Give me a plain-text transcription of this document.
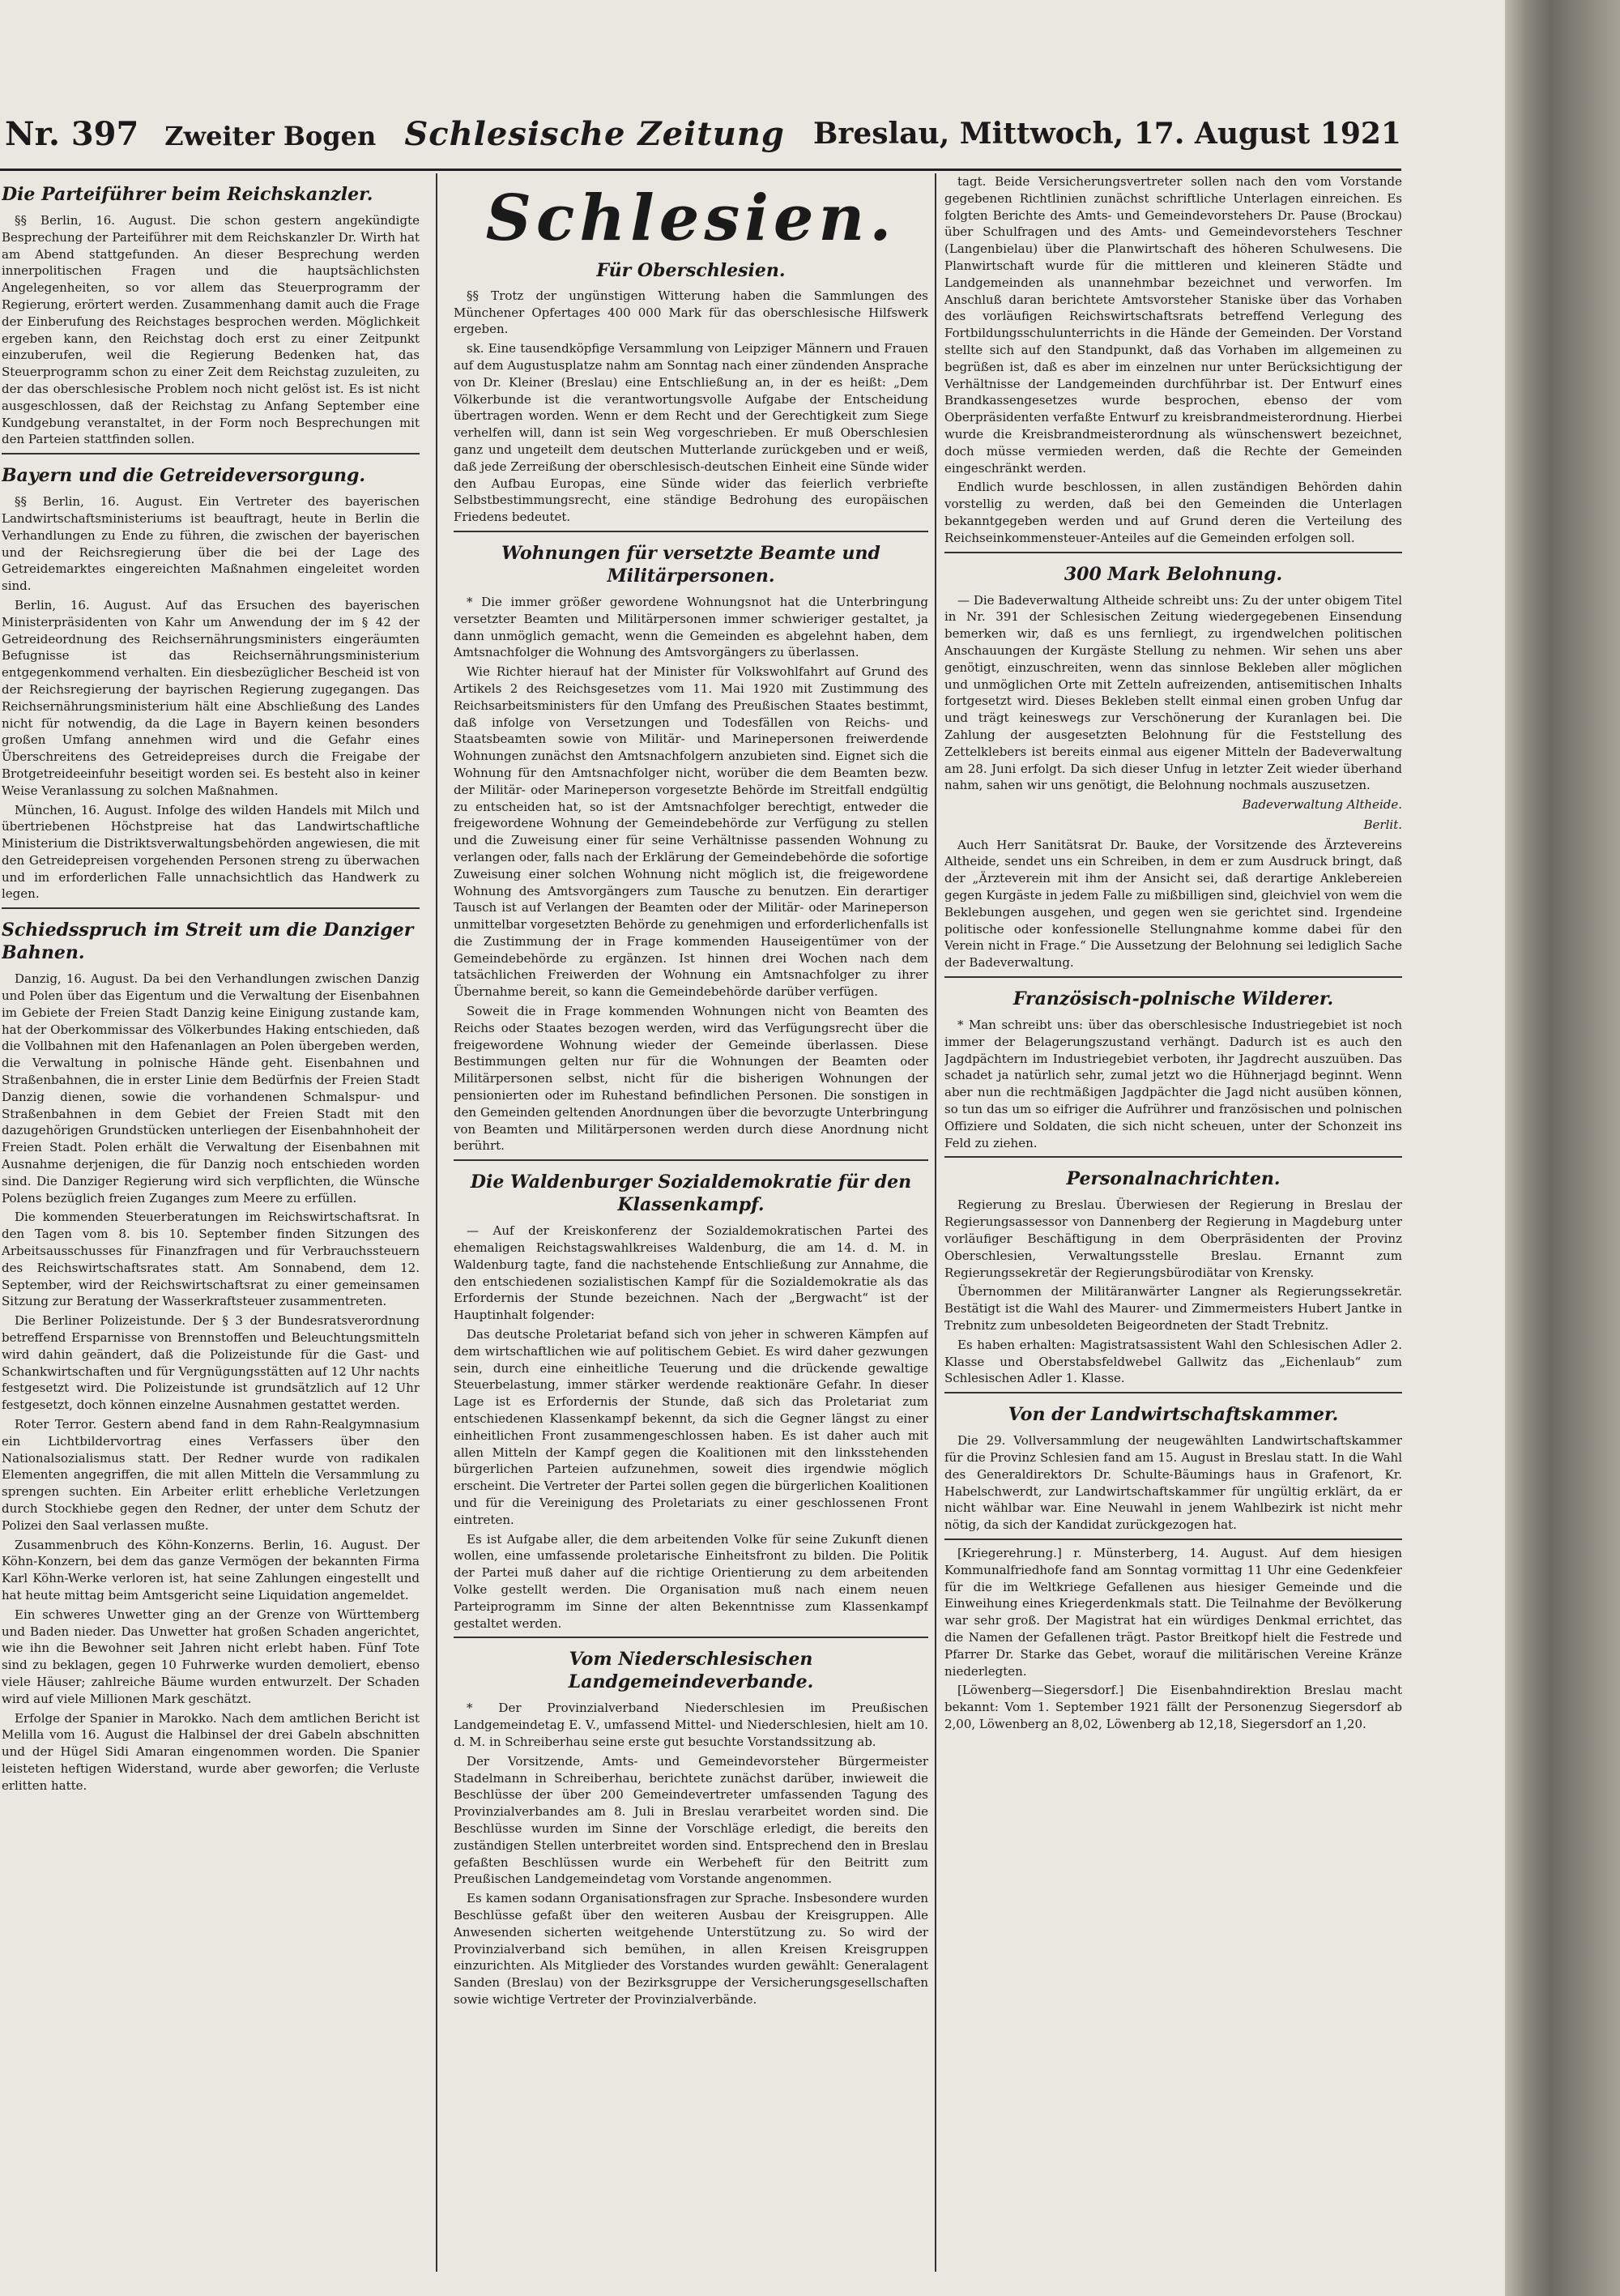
Nr. 397 Zweiter Bogen Schlesische Zeitung Breslau, Mittwoch, 17. August 1921
Die Parteiführer beim Reichskanzler.

§§ Berlin, 16. August. Die schon gestern angekündigte Besprechung der Parteiführer mit dem Reichskanzler Dr. Wirth hat am Abend stattgefunden. An dieser Besprechung werden innerpolitischen Fragen und die hauptsächlichsten Angelegenheiten, so vor allem das Steuerprogramm der Regierung, erörtert werden. Zusammenhang damit auch die Frage der Einberufung des Reichstages besprochen werden. Möglichkeit ergeben kann, den Reichstag doch erst zu einer Zeitpunkt einzuberufen, weil die Regierung Bedenken hat, das Steuerprogramm schon zu einer Zeit dem Reichstag zuzuleiten, zu der das oberschlesische Problem noch nicht gelöst ist. Es ist nicht ausgeschlossen, daß der Reichstag zu Anfang September eine Kundgebung veranstaltet, in der Form noch Besprechungen mit den Parteien stattfinden sollen.

Bayern und die Getreideversorgung.

§§ Berlin, 16. August. Ein Vertreter des bayerischen Landwirtschaftsministeriums ist beauftragt, heute in Berlin die Verhandlungen zu Ende zu führen, die zwischen der bayerischen und der Reichsregierung über die bei der Lage des Getreidemarktes eingereichten Maßnahmen eingeleitet worden sind.

Berlin, 16. August. Auf das Ersuchen des bayerischen Ministerpräsidenten von Kahr um Anwendung der im § 42 der Getreideordnung des Reichsernährungsministers eingeräumten Befugnisse ist das Reichsernährungsministerium entgegenkommend verhalten. Ein diesbezüglicher Bescheid ist von der Reichsregierung der bayrischen Regierung zugegangen. Das Reichsernährungsministerium hält eine Abschließung des Landes nicht für notwendig, da die Lage in Bayern keinen besonders großen Umfang annehmen wird und die Gefahr eines Überschreitens des Getreidepreises durch die Freigabe der Brotgetreideeinfuhr beseitigt worden sei. Es besteht also in keiner Weise Veranlassung zu solchen Maßnahmen.

München, 16. August. Infolge des wilden Handels mit Milch und übertriebenen Höchstpreise hat das Landwirtschaftliche Ministerium die Distriktsverwaltungsbehörden angewiesen, die mit den Getreidepreisen vorgehenden Personen streng zu überwachen und im erforderlichen Falle unnachsichtlich das Handwerk zu legen.

Schiedsspruch im Streit um die Danziger Bahnen.

Danzig, 16. August. Da bei den Verhandlungen zwischen Danzig und Polen über das Eigentum und die Verwaltung der Eisenbahnen im Gebiete der Freien Stadt Danzig keine Einigung zustande kam, hat der Oberkommissar des Völkerbundes Haking entschieden, daß die Vollbahnen mit den Hafenanlagen an Polen übergeben werden, die Verwaltung in polnische Hände geht. Eisenbahnen und Straßenbahnen, die in erster Linie dem Bedürfnis der Freien Stadt Danzig dienen, sowie die vorhandenen Schmalspur- und Straßenbahnen in dem Gebiet der Freien Stadt mit den dazugehörigen Grundstücken unterliegen der Eisenbahnhoheit der Freien Stadt. Polen erhält die Verwaltung der Eisenbahnen mit Ausnahme derjenigen, die für Danzig noch entschieden worden sind. Die Danziger Regierung wird sich verpflichten, die Wünsche Polens bezüglich freien Zuganges zum Meere zu erfüllen.

Die kommenden Steuerberatungen im Reichswirtschaftsrat. In den Tagen vom 8. bis 10. September finden Sitzungen des Arbeitsausschusses für Finanzfragen und für Verbrauchssteuern des Reichswirtschaftsrates statt. Am Sonnabend, dem 12. September, wird der Reichswirtschaftsrat zu einer gemeinsamen Sitzung zur Beratung der Wasserkraftsteuer zusammentreten.

Die Berliner Polizeistunde. Der § 3 der Bundesratsverordnung betreffend Ersparnisse von Brennstoffen und Beleuchtungsmitteln wird dahin geändert, daß die Polizeistunde für die Gast- und Schankwirtschaften und für Vergnügungsstätten auf 12 Uhr nachts festgesetzt wird. Die Polizeistunde ist grundsätzlich auf 12 Uhr festgesetzt, doch können einzelne Ausnahmen gestattet werden.

Roter Terror. Gestern abend fand in dem Rahn-Realgymnasium ein Lichtbildervortrag eines Verfassers über den Nationalsozialismus statt. Der Redner wurde von radikalen Elementen angegriffen, die mit allen Mitteln die Versammlung zu sprengen suchten. Ein Arbeiter erlitt erhebliche Verletzungen durch Stockhiebe gegen den Redner, der unter dem Schutz der Polizei den Saal verlassen mußte.

Zusammenbruch des Köhn-Konzerns. Berlin, 16. August. Der Köhn-Konzern, bei dem das ganze Vermögen der bekannten Firma Karl Köhn-Werke verloren ist, hat seine Zahlungen eingestellt und hat heute mittag beim Amtsgericht seine Liquidation angemeldet.

Ein schweres Unwetter ging an der Grenze von Württemberg und Baden nieder. Das Unwetter hat großen Schaden angerichtet, wie ihn die Bewohner seit Jahren nicht erlebt haben. Fünf Tote sind zu beklagen, gegen 10 Fuhrwerke wurden demoliert, ebenso viele Häuser; zahlreiche Bäume wurden entwurzelt. Der Schaden wird auf viele Millionen Mark geschätzt.

Erfolge der Spanier in Marokko. Nach dem amtlichen Bericht ist Melilla vom 16. August die Halbinsel der drei Gabeln abschnitten und der Hügel Sidi Amaran eingenommen worden. Die Spanier leisteten heftigen Widerstand, wurde aber geworfen; die Verluste erlitten hatte.

Schlesien.
Für Oberschlesien.

§§ Trotz der ungünstigen Witterung haben die Sammlungen des Münchener Opfertages 400 000 Mark für das oberschlesische Hilfswerk ergeben.

sk. Eine tausendköpfige Versammlung von Leipziger Männern und Frauen auf dem Augustusplatze nahm am Sonntag nach einer zündenden Ansprache von Dr. Kleiner (Breslau) eine Entschließung an, in der es heißt: „Dem Völkerbunde ist die verantwortungsvolle Aufgabe der Entscheidung übertragen worden. Wenn er dem Recht und der Gerechtigkeit zum Siege verhelfen will, dann ist sein Weg vorgeschrieben. Er muß Oberschlesien ganz und ungeteilt dem deutschen Mutterlande zurückgeben und er weiß, daß jede Zerreißung der oberschlesisch-deutschen Einheit eine Sünde wider den Aufbau Europas, eine Sünde wider das feierlich verbriefte Selbstbestimmungsrecht, eine ständige Bedrohung des europäischen Friedens bedeutet.

Wohnungen für versetzte Beamte und Militärpersonen.

* Die immer größer gewordene Wohnungsnot hat die Unterbringung versetzter Beamten und Militärpersonen immer schwieriger gestaltet, ja dann unmöglich gemacht, wenn die Gemeinden es abgelehnt haben, dem Amtsnachfolger die Wohnung des Amtsvorgängers zu überlassen.

Wie Richter hierauf hat der Minister für Volkswohlfahrt auf Grund des Artikels 2 des Reichsgesetzes vom 11. Mai 1920 mit Zustimmung des Reichsarbeitsministers für den Umfang des Preußischen Staates bestimmt, daß infolge von Versetzungen und Todesfällen von Reichs- und Staatsbeamten sowie von Militär- und Marinepersonen freiwerdende Wohnungen zunächst den Amtsnachfolgern anzubieten sind. Eignet sich die Wohnung für den Amtsnachfolger nicht, worüber die dem Beamten bezw. der Militär- oder Marineperson vorgesetzte Behörde im Streitfall endgültig zu entscheiden hat, so ist der Amtsnachfolger berechtigt, entweder die freigewordene Wohnung der Gemeindebehörde zur Verfügung zu stellen und die Zuweisung einer für seine Verhältnisse passenden Wohnung zu verlangen oder, falls nach der Erklärung der Gemeindebehörde die sofortige Zuweisung einer solchen Wohnung nicht möglich ist, die freigewordene Wohnung des Amtsvorgängers zum Tausche zu benutzen. Ein derartiger Tausch ist auf Verlangen der Beamten oder der Militär- oder Marineperson unmittelbar vorgesetzten Behörde zu genehmigen und erforderlichenfalls ist die Zustimmung der in Frage kommenden Hauseigentümer von der Gemeindebehörde zu ergänzen. Ist hinnen drei Wochen nach dem tatsächlichen Freiwerden der Wohnung ein Amtsnachfolger zu ihrer Übernahme bereit, so kann die Gemeindebehörde darüber verfügen.

Soweit die in Frage kommenden Wohnungen nicht von Beamten des Reichs oder Staates bezogen werden, wird das Verfügungsrecht über die freigewordene Wohnung wieder der Gemeinde überlassen. Diese Bestimmungen gelten nur für die Wohnungen der Beamten oder Militärpersonen selbst, nicht für die bisherigen Wohnungen der pensionierten oder im Ruhestand befindlichen Personen. Die sonstigen in den Gemeinden geltenden Anordnungen über die bevorzugte Unterbringung von Beamten und Militärpersonen werden durch diese Anordnung nicht berührt.

Die Waldenburger Sozialdemokratie für den Klassenkampf.

— Auf der Kreiskonferenz der Sozialdemokratischen Partei des ehemaligen Reichstagswahlkreises Waldenburg, die am 14. d. M. in Waldenburg tagte, fand die nachstehende Entschließung zur Annahme, die den entschiedenen sozialistischen Kampf für die Sozialdemokratie als das Erfordernis der Stunde bezeichnen. Nach der „Bergwacht“ ist der Hauptinhalt folgender:

Das deutsche Proletariat befand sich von jeher in schweren Kämpfen auf dem wirtschaftlichen wie auf politischem Gebiet. Es wird daher gezwungen sein, durch eine einheitliche Teuerung und die drückende gewaltige Steuerbelastung, immer stärker werdende reaktionäre Gefahr. In dieser Lage ist es Erfordernis der Stunde, daß sich das Proletariat zum entschiedenen Klassenkampf bekennt, da sich die Gegner längst zu einer einheitlichen Front zusammengeschlossen haben. Es ist daher auch mit allen Mitteln der Kampf gegen die Koalitionen mit den linksstehenden bürgerlichen Parteien aufzunehmen, soweit dies irgendwie möglich erscheint. Die Vertreter der Partei sollen gegen die bürgerlichen Koalitionen und für die Vereinigung des Proletariats zu einer geschlossenen Front eintreten.

Es ist Aufgabe aller, die dem arbeitenden Volke für seine Zukunft dienen wollen, eine umfassende proletarische Einheitsfront zu bilden. Die Politik der Partei muß daher auf die richtige Orientierung zu dem arbeitenden Volke gestellt werden. Die Organisation muß nach einem neuen Parteiprogramm im Sinne der alten Bekenntnisse zum Klassenkampf gestaltet werden.

Vom Niederschlesischen Landgemeindeverbande.

* Der Provinzialverband Niederschlesien im Preußischen Landgemeindetag E. V., umfassend Mittel- und Niederschlesien, hielt am 10. d. M. in Schreiberhau seine erste gut besuchte Vorstandssitzung ab.

Der Vorsitzende, Amts- und Gemeindevorsteher Bürgermeister Stadelmann in Schreiberhau, berichtete zunächst darüber, inwieweit die Beschlüsse der über 200 Gemeindevertreter umfassenden Tagung des Provinzialverbandes am 8. Juli in Breslau verarbeitet worden sind. Die Beschlüsse wurden im Sinne der Vorschläge erledigt, die bereits den zuständigen Stellen unterbreitet worden sind. Entsprechend den in Breslau gefaßten Beschlüssen wurde ein Werbeheft für den Beitritt zum Preußischen Landgemeindetag vom Vorstande angenommen.

Es kamen sodann Organisationsfragen zur Sprache. Insbesondere wurden Beschlüsse gefaßt über den weiteren Ausbau der Kreisgruppen. Alle Anwesenden sicherten weitgehende Unterstützung zu. So wird der Provinzialverband sich bemühen, in allen Kreisen Kreisgruppen einzurichten. Als Mitglieder des Vorstandes wurden gewählt: Generalagent Sanden (Breslau) von der Bezirksgruppe der Versicherungsgesellschaften sowie wichtige Vertreter der Provinzialverbände.

tagt. Beide Versicherungsvertreter sollen nach den vom Vorstande gegebenen Richtlinien zunächst schriftliche Unterlagen einreichen. Es folgten Berichte des Amts- und Gemeindevorstehers Dr. Pause (Brockau) über Schulfragen und des Amts- und Gemeindevorstehers Teschner (Langenbielau) über die Planwirtschaft des höheren Schulwesens. Die Planwirtschaft wurde für die mittleren und kleineren Städte und Landgemeinden als unannehmbar bezeichnet und verworfen. Im Anschluß daran berichtete Amtsvorsteher Staniske über das Vorhaben des vorläufigen Reichswirtschaftsrats betreffend Verlegung des Fortbildungsschulunterrichts in die Hände der Gemeinden. Der Vorstand stellte sich auf den Standpunkt, daß das Vorhaben im allgemeinen zu begrüßen ist, daß es aber im einzelnen nur unter Berücksichtigung der Verhältnisse der Landgemeinden durchführbar ist. Der Entwurf eines Brandkassengesetzes wurde besprochen, ebenso der vom Oberpräsidenten verfaßte Entwurf zu kreisbrandmeisterordnung. Hierbei wurde die Kreisbrandmeisterordnung als wünschenswert bezeichnet, doch müsse vermieden werden, daß die Rechte der Gemeinden eingeschränkt werden.

Endlich wurde beschlossen, in allen zuständigen Behörden dahin vorstellig zu werden, daß bei den Gemeinden die Unterlagen bekanntgegeben werden und auf Grund deren die Verteilung des Reichseinkommensteuer-Anteiles auf die Gemeinden erfolgen soll.

300 Mark Belohnung.

— Die Badeverwaltung Altheide schreibt uns: Zu der unter obigem Titel in Nr. 391 der Schlesischen Zeitung wiedergegebenen Einsendung bemerken wir, daß es uns fernliegt, zu irgendwelchen politischen Anschauungen der Kurgäste Stellung zu nehmen. Wir sehen uns aber genötigt, einzuschreiten, wenn das sinnlose Bekleben aller möglichen und unmöglichen Orte mit Zetteln aufreizenden, antisemitischen Inhalts fortgesetzt wird. Dieses Bekleben stellt einmal einen groben Unfug dar und trägt keineswegs zur Verschönerung der Kuranlagen bei. Die Zahlung der ausgesetzten Belohnung für die Feststellung des Zettelklebers ist bereits einmal aus eigener Mitteln der Badeverwaltung am 28. Juni erfolgt. Da sich dieser Unfug in letzter Zeit wieder überhand nahm, sahen wir uns genötigt, die Belohnung nochmals auszusetzen.

Badeverwaltung Altheide.
Berlit.

Auch Herr Sanitätsrat Dr. Bauke, der Vorsitzende des Ärztevereins Altheide, sendet uns ein Schreiben, in dem er zum Ausdruck bringt, daß der „Ärzteverein mit ihm der Ansicht sei, daß derartige Anklebereien gegen Kurgäste in jedem Falle zu mißbilligen sind, gleichviel von wem die Beklebungen ausgehen, und gegen wen sie gerichtet sind. Irgendeine politische oder konfessionelle Stellungnahme komme dabei für den Verein nicht in Frage.“ Die Aussetzung der Belohnung sei lediglich Sache der Badeverwaltung.

Französisch-polnische Wilderer.

* Man schreibt uns: über das oberschlesische Industriegebiet ist noch immer der Belagerungszustand verhängt. Dadurch ist es auch den Jagdpächtern im Industriegebiet verboten, ihr Jagdrecht auszuüben. Das schadet ja natürlich sehr, zumal jetzt wo die Hühnerjagd beginnt. Wenn aber nun die rechtmäßigen Jagdpächter die Jagd nicht ausüben können, so tun das um so eifriger die Aufrührer und französischen und polnischen Offiziere und Soldaten, die sich nicht scheuen, unter der Schonzeit ins Feld zu ziehen.

Personalnachrichten.

Regierung zu Breslau. Überwiesen der Regierung in Breslau der Regierungsassessor von Dannenberg der Regierung in Magdeburg unter vorläufiger Beschäftigung in dem Oberpräsidenten der Provinz Oberschlesien, Verwaltungsstelle Breslau. Ernannt zum Regierungssekretär der Regierungsbürodiätar von Krensky.

Übernommen der Militäranwärter Langner als Regierungssekretär. Bestätigt ist die Wahl des Maurer- und Zimmermeisters Hubert Jantke in Trebnitz zum unbesoldeten Beigeordneten der Stadt Trebnitz.

Es haben erhalten: Magistratsassistent Wahl den Schlesischen Adler 2. Klasse und Oberstabsfeldwebel Gallwitz das „Eichenlaub“ zum Schlesischen Adler 1. Klasse.

Von der Landwirtschaftskammer.

Die 29. Vollversammlung der neugewählten Landwirtschaftskammer für die Provinz Schlesien fand am 15. August in Breslau statt. In die Wahl des Generaldirektors Dr. Schulte-Bäumings haus in Grafenort, Kr. Habelschwerdt, zur Landwirtschaftskammer für ungültig erklärt, da er nicht wählbar war. Eine Neuwahl in jenem Wahlbezirk ist nicht mehr nötig, da sich der Kandidat zurückgezogen hat.

[Kriegerehrung.] r. Münsterberg, 14. August. Auf dem hiesigen Kommunalfriedhofe fand am Sonntag vormittag 11 Uhr eine Gedenkfeier für die im Weltkriege Gefallenen aus hiesiger Gemeinde und die Einweihung eines Kriegerdenkmals statt. Die Teilnahme der Bevölkerung war sehr groß. Der Magistrat hat ein würdiges Denkmal errichtet, das die Namen der Gefallenen trägt. Pastor Breitkopf hielt die Festrede und Pfarrer Dr. Starke das Gebet, worauf die militärischen Vereine Kränze niederlegten.

[Löwenberg—Siegersdorf.] Die Eisenbahndirektion Breslau macht bekannt: Vom 1. September 1921 fällt der Personenzug Siegersdorf ab 2,00, Löwenberg an 8,02, Löwenberg ab 12,18, Siegersdorf an 1,20.
